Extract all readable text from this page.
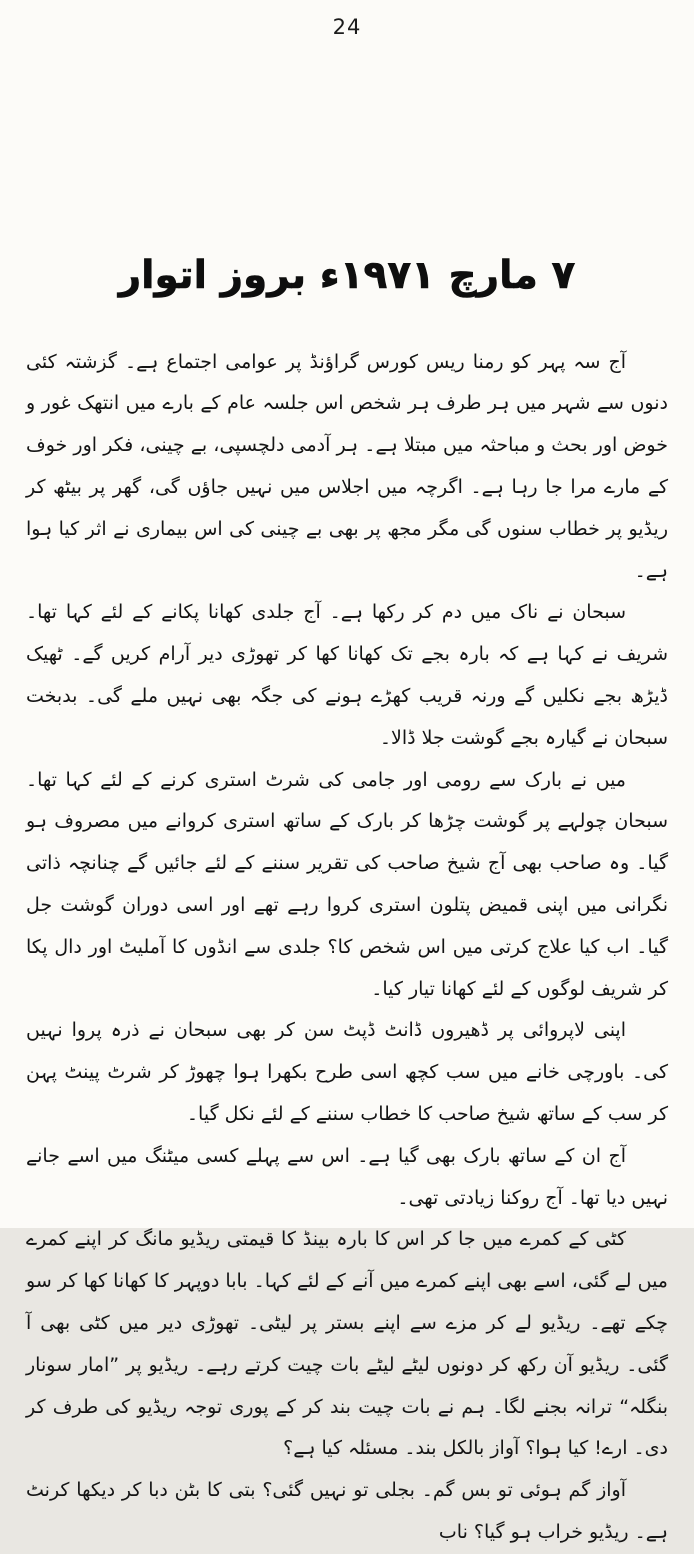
24
۷ مارچ ۱۹۷۱ء بروز اتوار

آج سہ پہر کو رمنا ریس کورس گراؤنڈ پر عوامی اجتماع ہے۔ گزشتہ کئی دنوں سے شہر میں ہر طرف ہر شخص اس جلسہ عام کے بارے میں انتھک غور و خوض اور بحث و مباحثہ میں مبتلا ہے۔ ہر آدمی دلچسپی، بے چینی، فکر اور خوف کے مارے مرا جا رہا ہے۔ اگرچہ میں اجلاس میں نہیں جاؤں گی، گھر پر بیٹھ کر ریڈیو پر خطاب سنوں گی مگر مجھ پر بھی بے چینی کی اس بیماری نے اثر کیا ہوا ہے۔

سبحان نے ناک میں دم کر رکھا ہے۔ آج جلدی کھانا پکانے کے لئے کہا تھا۔ شریف نے کہا ہے کہ بارہ بجے تک کھانا کھا کر تھوڑی دیر آرام کریں گے۔ ٹھیک ڈیڑھ بجے نکلیں گے ورنہ قریب کھڑے ہونے کی جگہ بھی نہیں ملے گی۔ بدبخت سبحان نے گیارہ بجے گوشت جلا ڈالا۔

میں نے بارک سے رومی اور جامی کی شرٹ استری کرنے کے لئے کہا تھا۔ سبحان چولہے پر گوشت چڑھا کر بارک کے ساتھ استری کروانے میں مصروف ہو گیا۔ وہ صاحب بھی آج شیخ صاحب کی تقریر سننے کے لئے جائیں گے چنانچہ ذاتی نگرانی میں اپنی قمیض پتلون استری کروا رہے تھے اور اسی دوران گوشت جل گیا۔ اب کیا علاج کرتی میں اس شخص کا؟ جلدی سے انڈوں کا آملیٹ اور دال پکا کر شریف لوگوں کے لئے کھانا تیار کیا۔

اپنی لاپروائی پر ڈھیروں ڈانٹ ڈپٹ سن کر بھی سبحان نے ذرہ پروا نہیں کی۔ باورچی خانے میں سب کچھ اسی طرح بکھرا ہوا چھوڑ کر شرٹ پینٹ پہن کر سب کے ساتھ شیخ صاحب کا خطاب سننے کے لئے نکل گیا۔

آج ان کے ساتھ بارک بھی گیا ہے۔ اس سے پہلے کسی میٹنگ میں اسے جانے نہیں دیا تھا۔ آج روکنا زیادتی تھی۔

کٹی کے کمرے میں جا کر اس کا بارہ بینڈ کا قیمتی ریڈیو مانگ کر اپنے کمرے میں لے گئی، اسے بھی اپنے کمرے میں آنے کے لئے کہا۔ بابا دوپہر کا کھانا کھا کر سو چکے تھے۔ ریڈیو لے کر مزے سے اپنے بستر پر لیٹی۔ تھوڑی دیر میں کٹی بھی آ گئی۔ ریڈیو آن رکھ کر دونوں لیٹے لیٹے بات چیت کرتے رہے۔ ریڈیو پر ”امار سونار بنگلہ“ ترانہ بجنے لگا۔ ہم نے بات چیت بند کر کے پوری توجہ ریڈیو کی طرف کر دی۔ ارے! کیا ہوا؟ آواز بالکل بند۔ مسئلہ کیا ہے؟

آواز گم ہوئی تو بس گم۔ بجلی تو نہیں گئی؟ بتی کا بٹن دبا کر دیکھا کرنٹ ہے۔ ریڈیو خراب ہو گیا؟ ناب
